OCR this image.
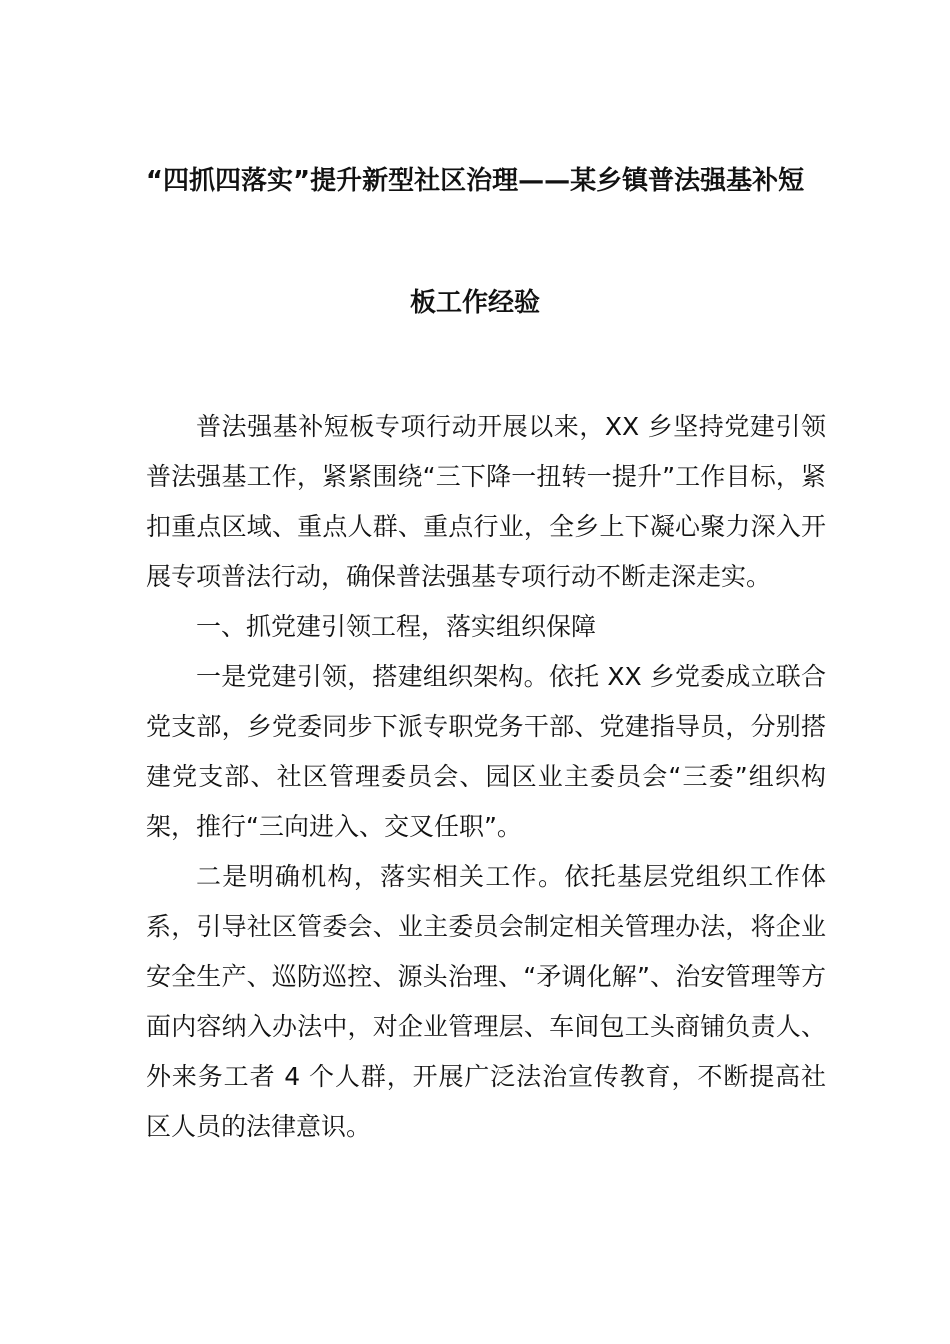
“四抓四落实”提升新型社区治理——某乡镇普法强基补短
板工作经验

普法强基补短板专项行动开展以来，XX 乡坚持党建引领普法强基工作，紧紧围绕“三下降一扭转一提升”工作目标，紧扣重点区域、重点人群、重点行业，全乡上下凝心聚力深入开展专项普法行动，确保普法强基专项行动不断走深走实。

一、抓党建引领工程，落实组织保障

一是党建引领，搭建组织架构。依托 XX 乡党委成立联合党支部，乡党委同步下派专职党务干部、党建指导员，分别搭建党支部、社区管理委员会、园区业主委员会“三委”组织构架，推行“三向进入、交叉任职”。

二是明确机构，落实相关工作。依托基层党组织工作体系，引导社区管委会、业主委员会制定相关管理办法，将企业安全生产、巡防巡控、源头治理、“矛调化解”、治安管理等方面内容纳入办法中，对企业管理层、车间包工头商铺负责人、外来务工者 4 个人群，开展广泛法治宣传教育，不断提高社区人员的法律意识。
